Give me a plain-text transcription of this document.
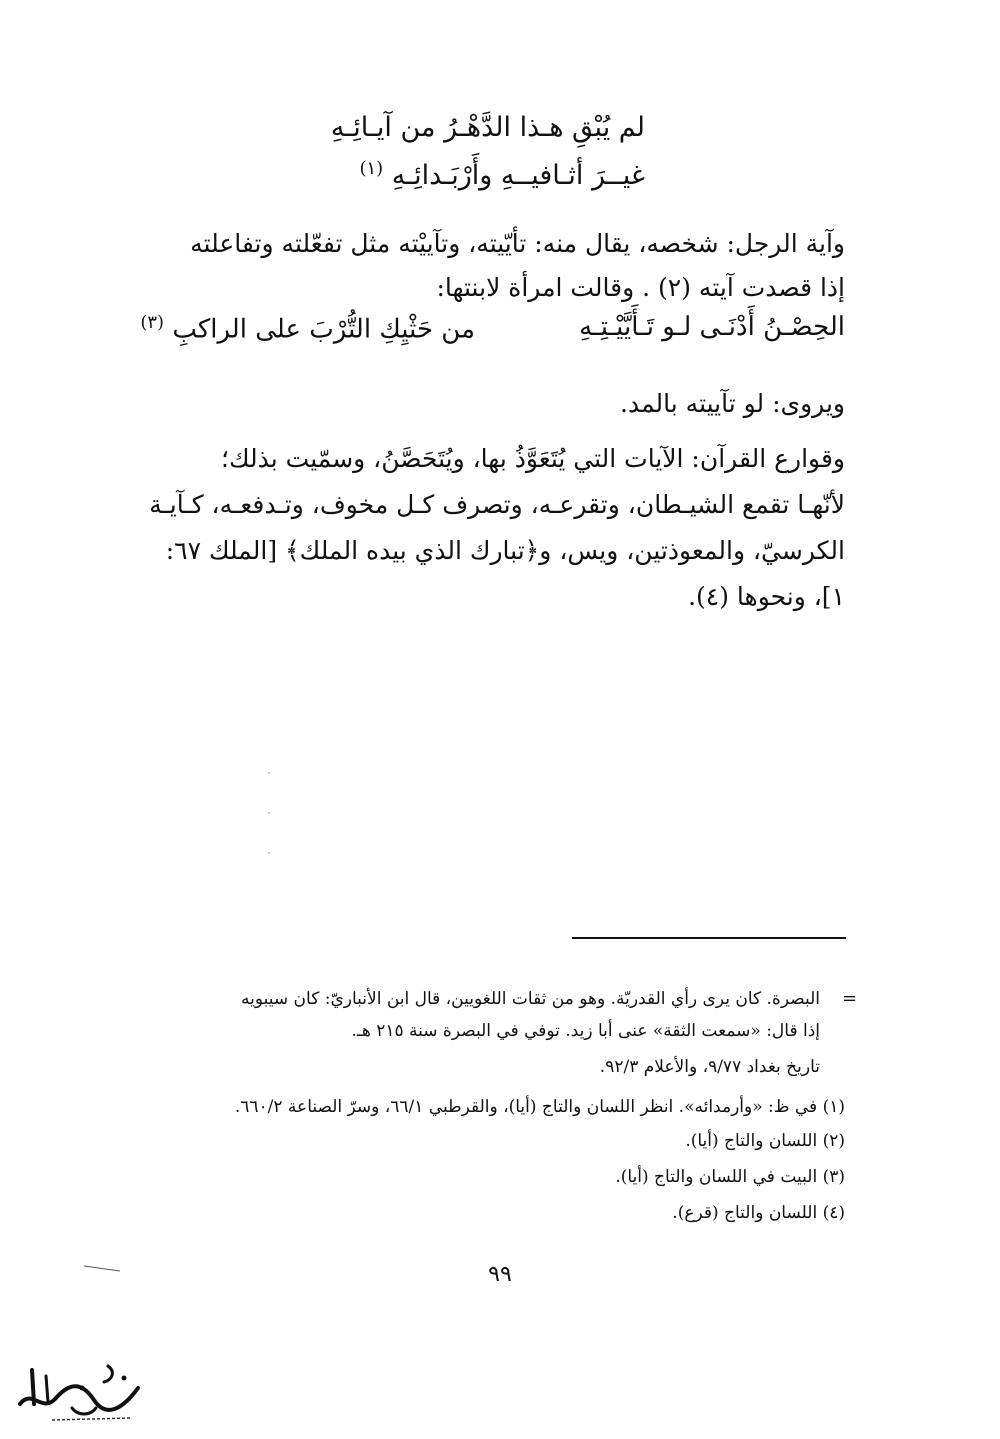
لم يُبْقِ هـذا الدَّهْـرُ من آيـائِـهِ
غيــرَ أثـافيــهِ وأَرْبَـدائِـهِ $^{(١)}$
وآية الرجل: شخصه، يقال منه: تأيّيته، وتآييْته مثل تفعّلته وتفاعلته
إذا قصدت آيته (٢) . وقالت امرأة لابنتها:
الحِصْـنُ أَدْنَـى لـو تَـأَيَّيْـتِـهِ
من حَثْيِكِ التُّرْبَ على الراكبِ $^{(٣)}$
ويروى: لو تآييته بالمد.
وقوارع القرآن: الآيات التي يُتَعَوَّذُ بها، ويُتَحَصَّنُ، وسمّيت بذلك؛
لأنّهـا تقمع الشيـطان، وتقرعـه، وتصرف كـل مخوف، وتـدفعـه، كـآيـة
الكرسيّ، والمعوذتين، ويس، و﴿تبارك الذي بيده الملك﴾ [الملك ٦٧:
١]، ونحوها (٤).
=
البصرة. كان يرى رأي القدريّة. وهو من ثقات اللغويين، قال ابن الأنباريّ: كان سيبويه
إذا قال: «سمعت الثقة» عنى أبا زيد. توفي في البصرة سنة ٢١٥ هـ.
تاريخ بغداد ٩/٧٧، والأعلام ٩٢/٣.
(١) في ظ: «وأرمدائه». انظر اللسان والتاج (أيا)، والقرطبي ٦٦/١، وسرّ الصناعة ٦٦٠/٢.
(٢) اللسان والتاج (أيا).
(٣) البيت في اللسان والتاج (أيا).
(٤) اللسان والتاج (قرع).
٩٩
